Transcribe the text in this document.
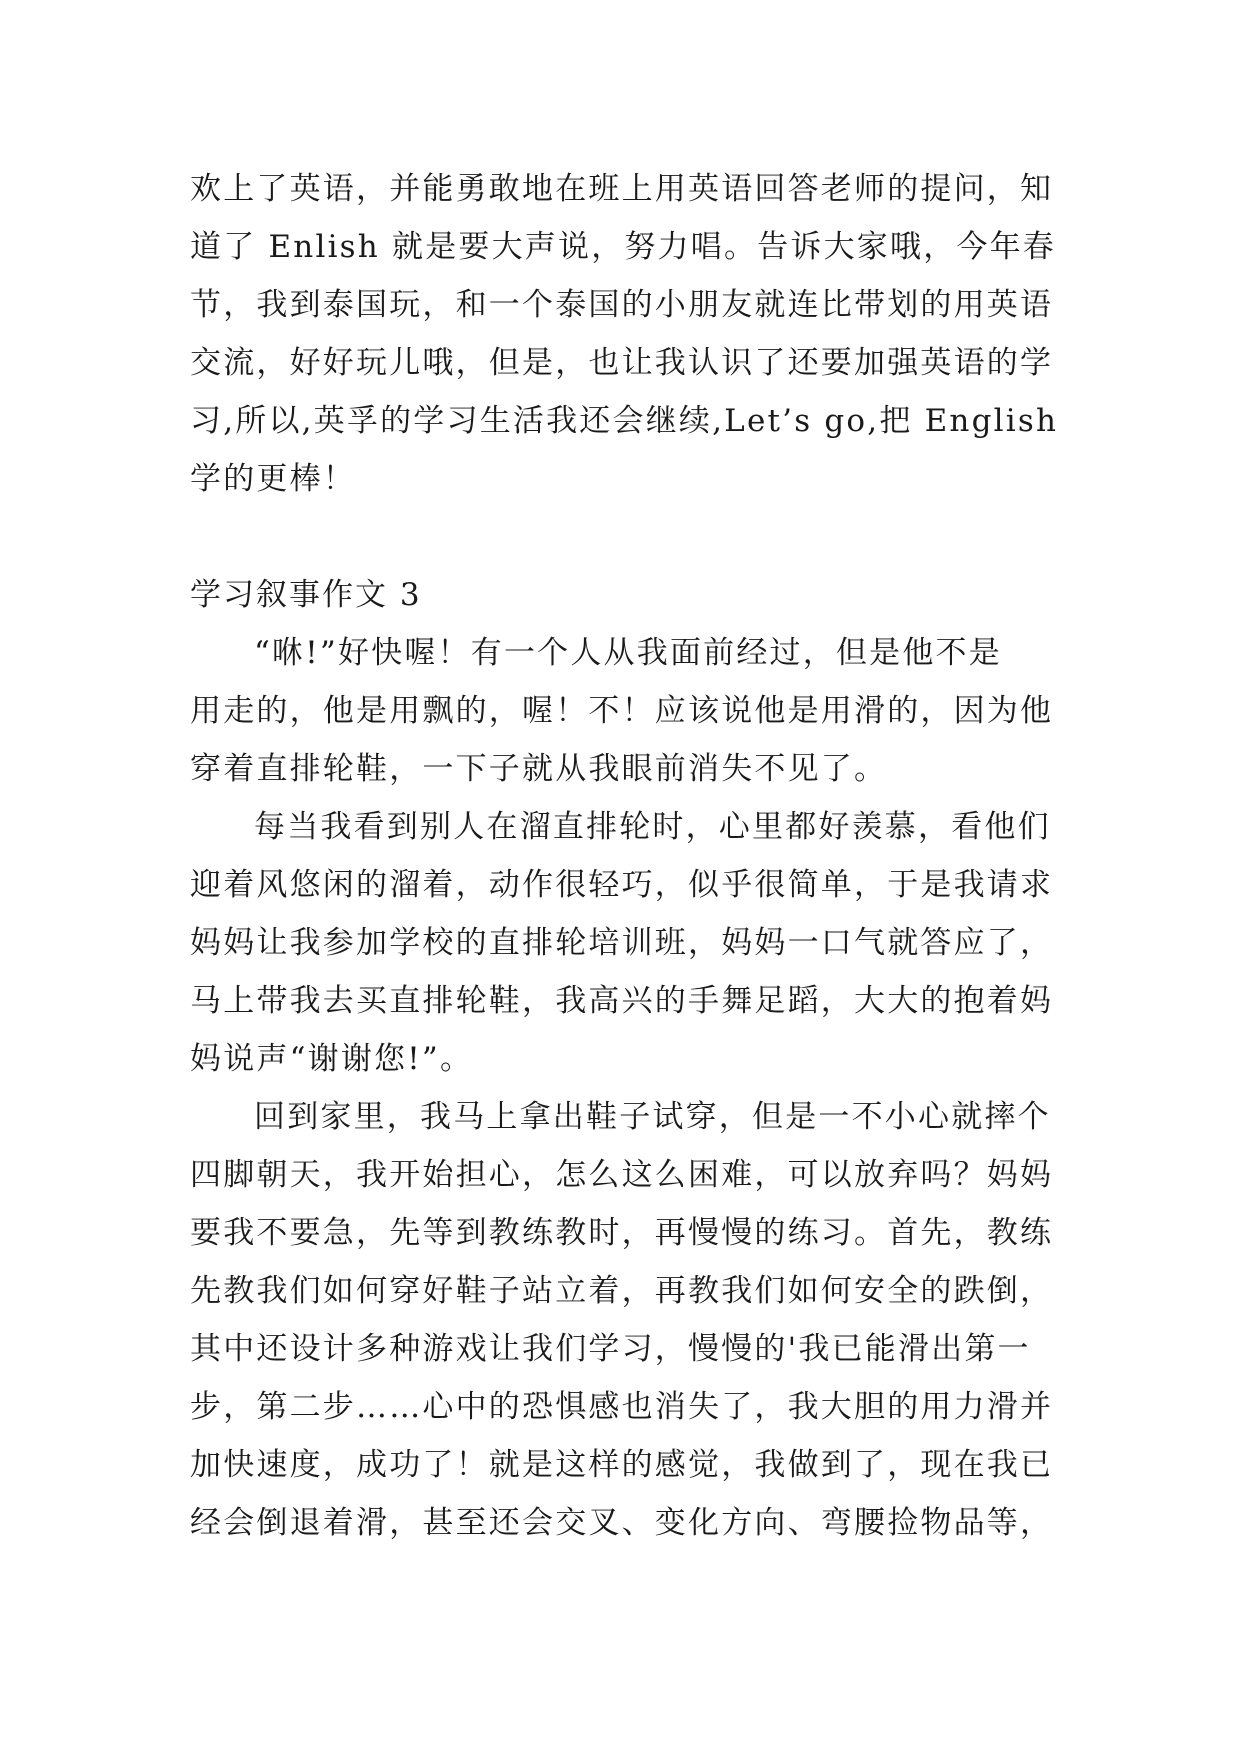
欢上了英语，并能勇敢地在班上用英语回答老师的提问，知
道了 Enlish 就是要大声说，努力唱。告诉大家哦，今年春
节，我到泰国玩，和一个泰国的小朋友就连比带划的用英语
交流，好好玩儿哦，但是，也让我认识了还要加强英语的学
习,所以,英孚的学习生活我还会继续,Let’s go,把 English
学的更棒！
学习叙事作文 3
“咻!”好快喔！有一个人从我面前经过，但是他不是
用走的，他是用飘的，喔！不！应该说他是用滑的，因为他
穿着直排轮鞋，一下子就从我眼前消失不见了。
每当我看到别人在溜直排轮时，心里都好羡慕，看他们
迎着风悠闲的溜着，动作很轻巧，似乎很简单，于是我请求
妈妈让我参加学校的直排轮培训班，妈妈一口气就答应了，
马上带我去买直排轮鞋，我高兴的手舞足蹈，大大的抱着妈
妈说声“谢谢您!”。
回到家里，我马上拿出鞋子试穿，但是一不小心就摔个
四脚朝天，我开始担心，怎么这么困难，可以放弃吗？妈妈
要我不要急，先等到教练教时，再慢慢的练习。首先，教练
先教我们如何穿好鞋子站立着，再教我们如何安全的跌倒，
其中还设计多种游戏让我们学习，慢慢的'我已能滑出第一
步，第二步……心中的恐惧感也消失了，我大胆的用力滑并
加快速度，成功了！就是这样的感觉，我做到了，现在我已
经会倒退着滑，甚至还会交叉、变化方向、弯腰捡物品等，
